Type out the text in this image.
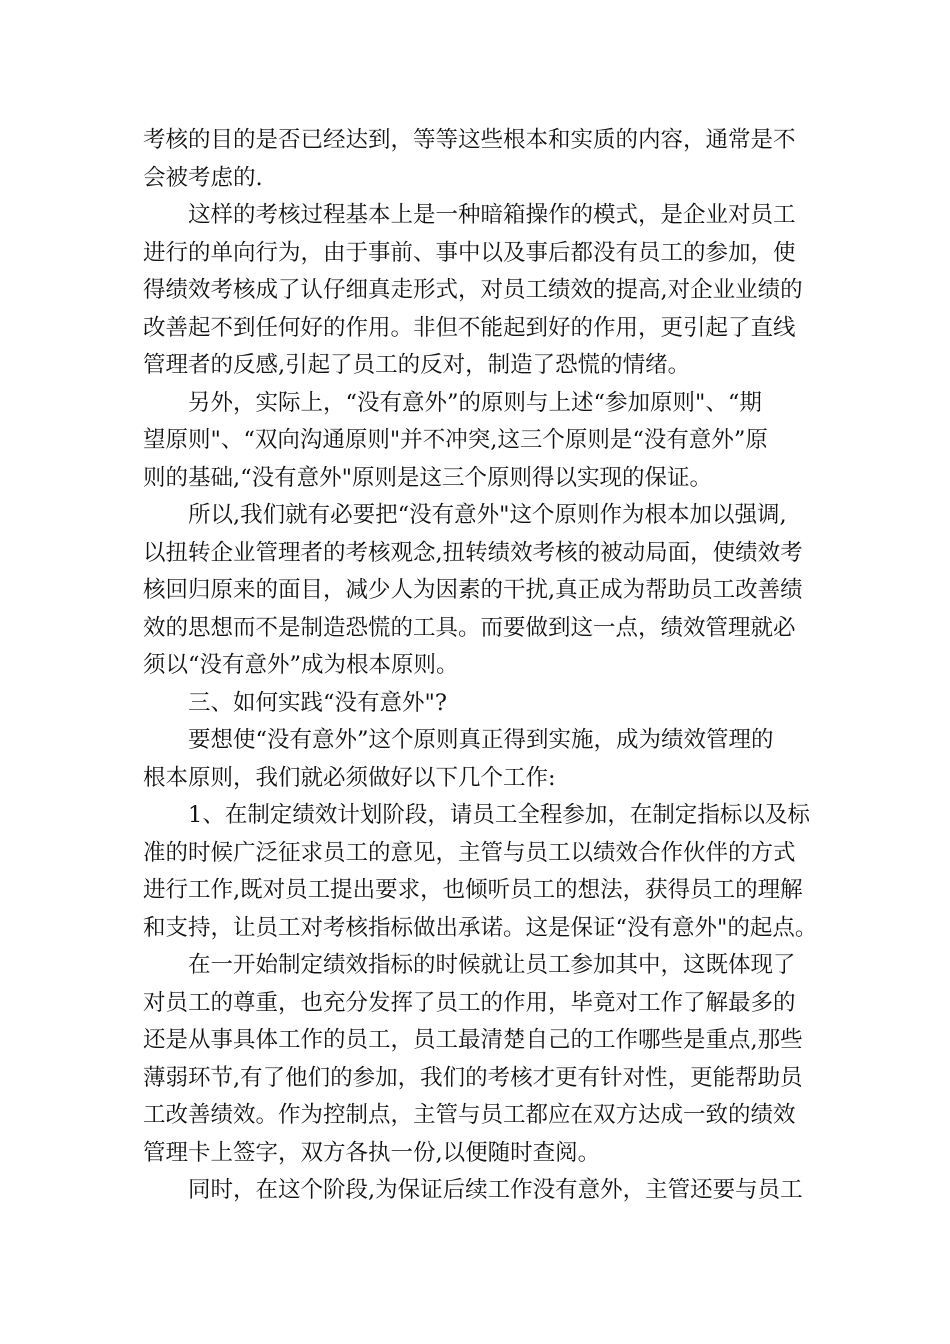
考核的目的是否已经达到，等等这些根本和实质的内容，通常是不
会被考虑的.
这样的考核过程基本上是一种暗箱操作的模式，是企业对员工
进行的单向行为，由于事前、事中以及事后都没有员工的参加，使
得绩效考核成了认仔细真走形式，对员工绩效的提高,对企业业绩的
改善起不到任何好的作用。非但不能起到好的作用，更引起了直线
管理者的反感,引起了员工的反对，制造了恐慌的情绪。
另外，实际上，“没有意外”的原则与上述“参加原则"、“期
望原则"、“双向沟通原则"并不冲突,这三个原则是“没有意外”原
则的基础,“没有意外"原则是这三个原则得以实现的保证。
所以,我们就有必要把“没有意外"这个原则作为根本加以强调,
以扭转企业管理者的考核观念,扭转绩效考核的被动局面，使绩效考
核回归原来的面目，减少人为因素的干扰,真正成为帮助员工改善绩
效的思想而不是制造恐慌的工具。而要做到这一点，绩效管理就必
须以“没有意外”成为根本原则。
三、如何实践“没有意外"?
要想使“没有意外”这个原则真正得到实施，成为绩效管理的
根本原则，我们就必须做好以下几个工作:
1、在制定绩效计划阶段，请员工全程参加，在制定指标以及标
准的时候广泛征求员工的意见，主管与员工以绩效合作伙伴的方式
进行工作,既对员工提出要求，也倾听员工的想法，获得员工的理解
和支持，让员工对考核指标做出承诺。这是保证“没有意外"的起点。
在一开始制定绩效指标的时候就让员工参加其中，这既体现了
对员工的尊重，也充分发挥了员工的作用，毕竟对工作了解最多的
还是从事具体工作的员工，员工最清楚自己的工作哪些是重点,那些
薄弱环节,有了他们的参加，我们的考核才更有针对性，更能帮助员
工改善绩效。作为控制点，主管与员工都应在双方达成一致的绩效
管理卡上签字，双方各执一份,以便随时查阅。
同时，在这个阶段,为保证后续工作没有意外，主管还要与员工
